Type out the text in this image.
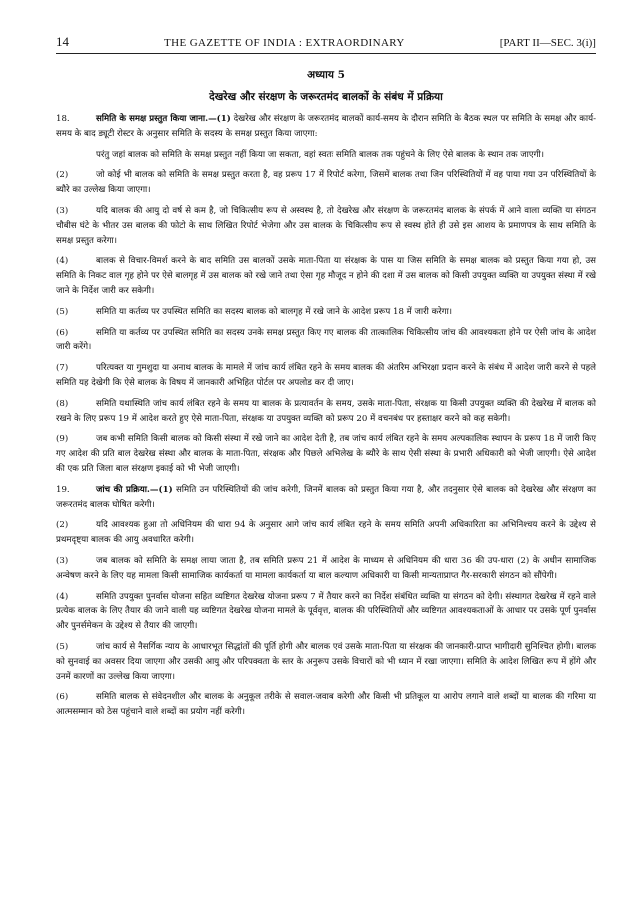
14	THE GAZETTE OF INDIA : EXTRAORDINARY	[PART II—SEC. 3(i)]
अध्याय 5
देखरेख और संरक्षण के जरूरतमंद बालकों के संबंध में प्रक्रिया
18.	समिति के समक्ष प्रस्तुत किया जाना.—(1) देखरेख और संरक्षण के जरूरतमंद बालकों कार्य-समय के दौरान समिति के बैठक स्थल पर समिति के समक्ष और कार्य-समय के बाद ड्यूटी रोस्टर के अनुसार समिति के सदस्य के समक्ष प्रस्तुत किया जाएगा:
परंतु जहां बालक को समिति के समक्ष प्रस्तुत नहीं किया जा सकता, वहां स्वतः समिति बालक तक पहुंचने के लिए ऐसे बालक के स्थान तक जाएगी।
(2)	जो कोई भी बालक को समिति के समक्ष प्रस्तुत करता है, वह प्ररूप 17 में रिपोर्ट करेगा, जिसमें बालक तथा जिन परिस्थितियों में वह पाया गया उन परिस्थितियों के ब्यौरे का उल्लेख किया जाएगा।
(3)	यदि बालक की आयु दो वर्ष से कम है, जो चिकित्सीय रूप से अस्वस्थ है, तो देखरेख और संरक्षण के जरूरतमंद बालक के संपर्क में आने वाला व्यक्ति या संगठन चौबीस घंटे के भीतर उस बालक की फोटो के साथ लिखित रिपोर्ट भेजेगा और उस बालक के चिकित्सीय रूप से स्वस्थ होते ही उसे इस आशय के प्रमाणपत्र के साथ समिति के समक्ष प्रस्तुत करेगा।
(4)	बालक से विचार-विमर्श करने के बाद समिति उस बालकों उसके माता-पिता या संरक्षक के पास या जिस समिति के समक्ष बालक को प्रस्तुत किया गया हो, उस समिति के निकट वाल गृह होने पर ऐसे बालगृह में उस बालक को रखे जाने तथा ऐसा गृह मौजूद न होने की दशा में उस बालक को किसी उपयुक्त व्यक्ति या उपयुक्त संस्था में रखे जाने के निर्देश जारी कर सकेगी।
(5)	समिति या कर्तव्य पर उपस्थित समिति का सदस्य बालक को बालगृह में रखे जाने के आदेश प्ररूप 18 में जारी करेगा।
(6)	समिति या कर्तव्य पर उपस्थित समिति का सदस्य उनके समक्ष प्रस्तुत किए गए बालक की तात्कालिक चिकित्सीय जांच की आवश्यकता होने पर ऐसी जांच के आदेश जारी करेंगे।
(7)	परित्यक्त या गुमशुदा या अनाथ बालक के मामले में जांच कार्य लंबित रहने के समय बालक की अंतरिम अभिरक्षा प्रदान करने के संबंध में आदेश जारी करने से पहले समिति यह देखेगी कि ऐसे बालक के विषय में जानकारी अभिहित पोर्टल पर अपलोड कर दी जाए।
(8)	समिति यथास्थिति जांच कार्य लंबित रहने के समय या बालक के प्रत्यावर्तन के समय, उसके माता-पिता, संरक्षक या किसी उपयुक्त व्यक्ति की देखरेख में बालक को रखने के लिए प्ररूप 19 में आदेश करते हुए ऐसे माता-पिता, संरक्षक या उपयुक्त व्यक्ति को प्ररूप 20 में वचनबंध पर हस्ताक्षर करने को कह सकेगी।
(9)	जब कभी समिति किसी बालक को किसी संस्था में रखे जाने का आदेश देती है, तब जांच कार्य लंबित रहने के समय अल्पकालिक स्थापन के प्ररूप 18 में जारी किए गए आदेश की प्रति बाल देखरेख संस्था और बालक के माता-पिता, संरक्षक और पिछले अभिलेख के ब्यौरे के साथ ऐसी संस्था के प्रभारी अधिकारी को भेजी जाएगी। ऐसे आदेश की एक प्रति जिला बाल संरक्षण इकाई को भी भेजी जाएगी।
19.	जांच की प्रक्रिया.—(1) समिति उन परिस्थितियों की जांच करेगी, जिनमें बालक को प्रस्तुत किया गया है, और तदनुसार ऐसे बालक को देखरेख और संरक्षण का जरूरतमंद बालक घोषित करेगी।
(2)	यदि आवश्यक हुआ तो अधिनियम की धारा 94 के अनुसार आगे जांच कार्य लंबित रहने के समय समिति अपनी अधिकारिता का अभिनिश्चय करने के उद्देश्य से प्रथमदृष्ट्या बालक की आयु अवधारित करेगी।
(3)	जब बालक को समिति के समक्ष लाया जाता है, तब समिति प्ररूप 21 में आदेश के माध्यम से अधिनियम की धारा 36 की उप-धारा (2) के अधीन सामाजिक अन्वेषण करने के लिए यह मामला किसी सामाजिक कार्यकर्ता या मामला कार्यकर्ता या बाल कल्याण अधिकारी या किसी मान्यताप्राप्त गैर-सरकारी संगठन को सौंपेगी।
(4)	समिति उपयुक्त पुनर्वास योजना सहित व्यष्टिगत देखरेख योजना प्ररूप 7 में तैयार करने का निर्देश संबंधित व्यक्ति या संगठन को देगी। संस्थागत देखरेख में रहने वाले प्रत्येक बालक के लिए तैयार की जाने वाली यह व्यष्टिगत देखरेख योजना मामले के पूर्ववृत्त, बालक की परिस्थितियों और व्यष्टिगत आवश्यकताओं के आधार पर उसके पूर्ण पुनर्वास और पुनर्समेकन के उद्देश्य से तैयार की जाएगी।
(5)	जांच कार्य से नैसर्गिक न्याय के आधारभूत सिद्धांतों की पूर्ति होगी और बालक एवं उसके माता-पिता या संरक्षक की जानकारी-प्राप्त भागीदारी सुनिश्चित होगी। बालक को सुनवाई का अवसर दिया जाएगा और उसकी आयु और परिपक्वता के स्तर के अनुरूप उसके विचारों को भी ध्यान में रखा जाएगा। समिति के आदेश लिखित रूप में होंगे और उनमें कारणों का उल्लेख किया जाएगा।
(6)	समिति बालक से संवेदनशील और बालक के अनुकूल तरीके से सवाल-जवाब करेगी और किसी भी प्रतिकूल या आरोप लगाने वाले शब्दों या बालक की गरिमा या आत्मसम्मान को ठेस पहुंचाने वाले शब्दों का प्रयोग नहीं करेगी।
